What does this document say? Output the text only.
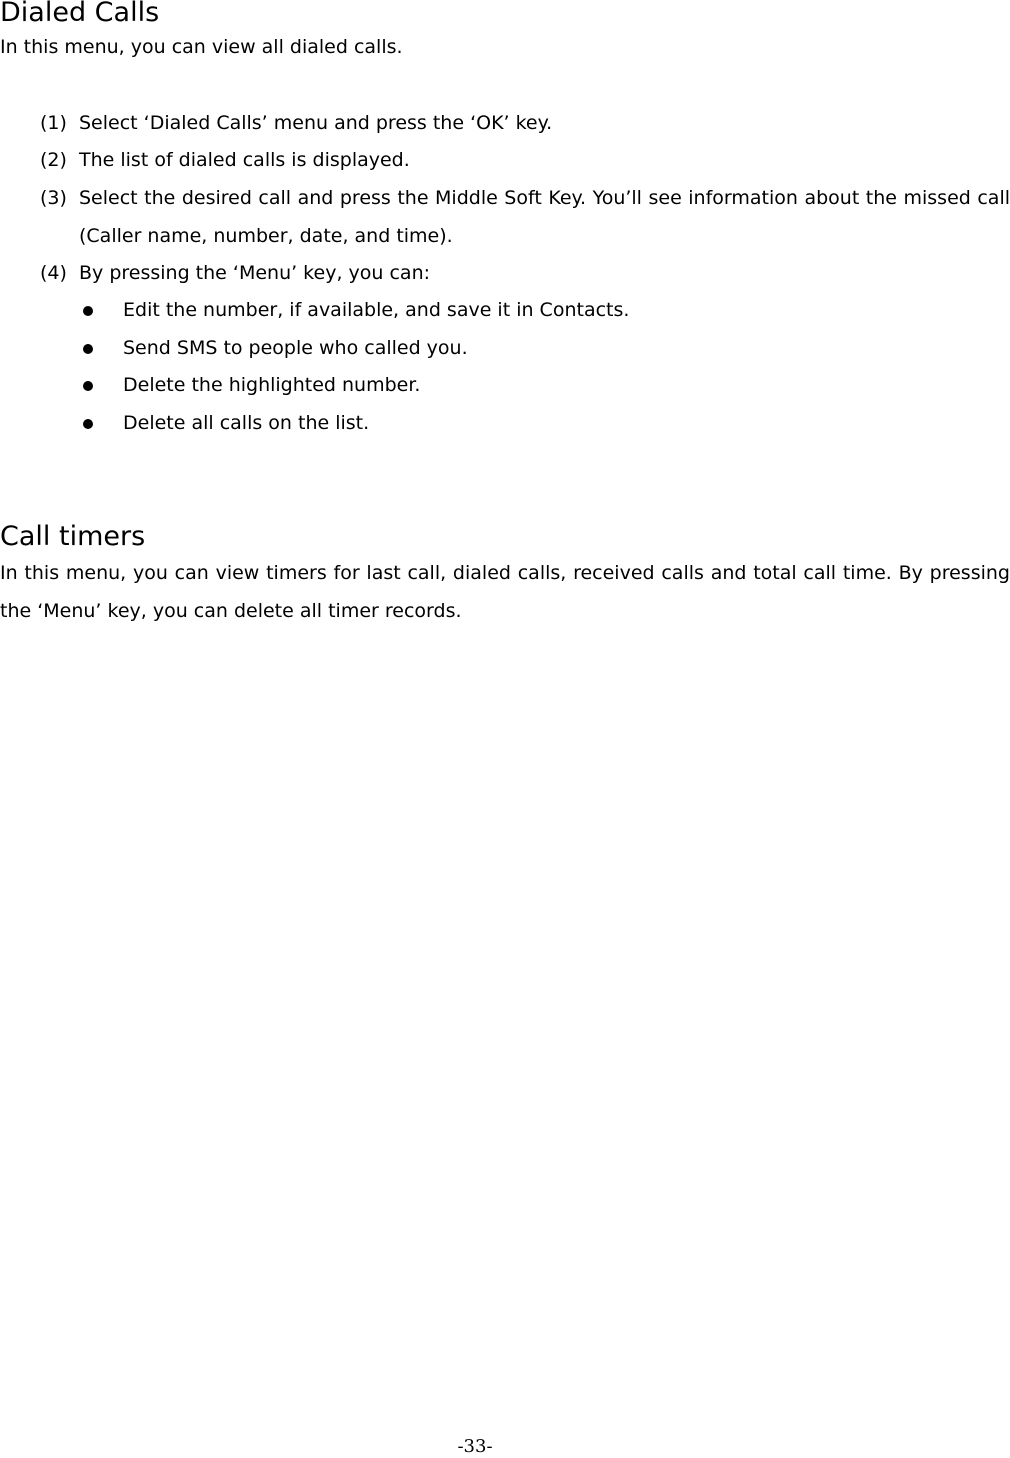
Dialed Calls

In this menu, you can view all dialed calls.

(1) Select ‘Dialed Calls’ menu and press the ‘OK’ key.
(2) The list of dialed calls is displayed.
(3) Select the desired call and press the Middle Soft Key. You’ll see information about the missed call (Caller name, number, date, and time).
(4) By pressing the ‘Menu’ key, you can:
Edit the number, if available, and save it in Contacts.
Send SMS to people who called you.
Delete the highlighted number.
Delete all calls on the list.
Call timers

In this menu, you can view timers for last call, dialed calls, received calls and total call time. By pressing the ‘Menu’ key, you can delete all timer records.

-33-
